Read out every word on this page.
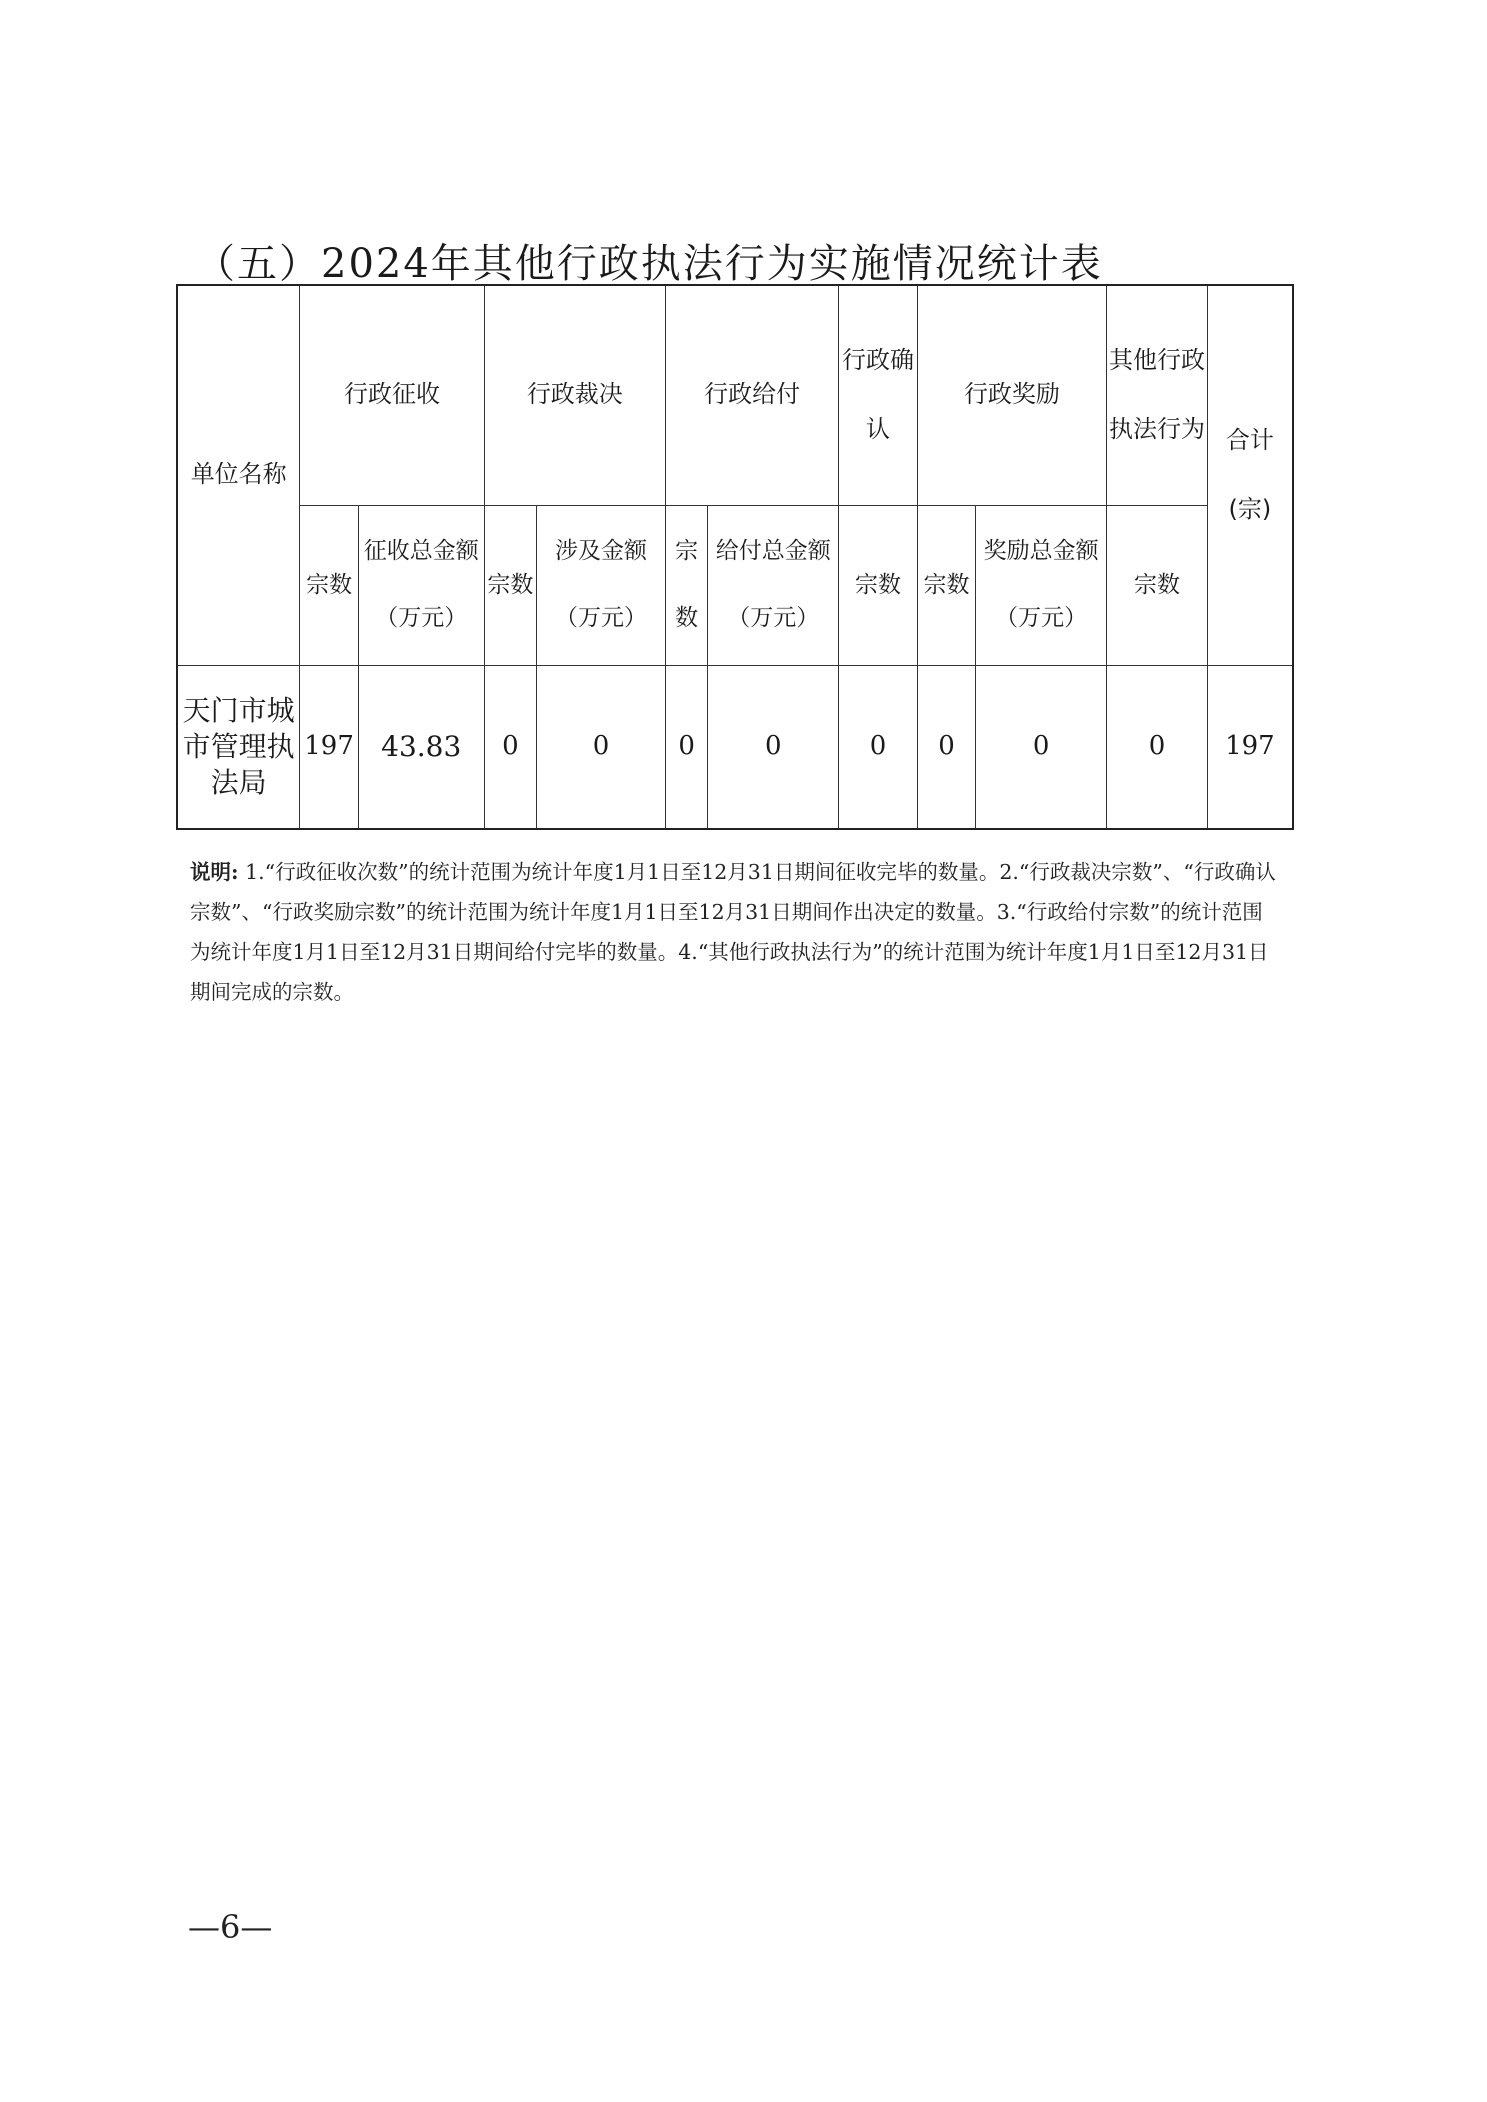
（五）2024年其他行政执法行为实施情况统计表
单位名称	行政征收		行政裁决		行政给付		行政确认	行政奖励		其他行政执法行为	合计(宗)
	宗数	征收总金额（万元）	宗数	涉及金额（万元）	宗数	给付总金额（万元）	宗数	宗数	奖励总金额（万元）	宗数	
天门市城市管理执法局	197	43.83	0	0	0	0	0	0	0	0	197
说明: 1.“行政征收次数”的统计范围为统计年度1月1日至12月31日期间征收完毕的数量。2.“行政裁决宗数”、“行政确认宗数”、“行政奖励宗数”的统计范围为统计年度1月1日至12月31日期间作出决定的数量。3.“行政给付宗数”的统计范围为统计年度1月1日至12月31日期间给付完毕的数量。4.“其他行政执法行为”的统计范围为统计年度1月1日至12月31日期间完成的宗数。
—6—
